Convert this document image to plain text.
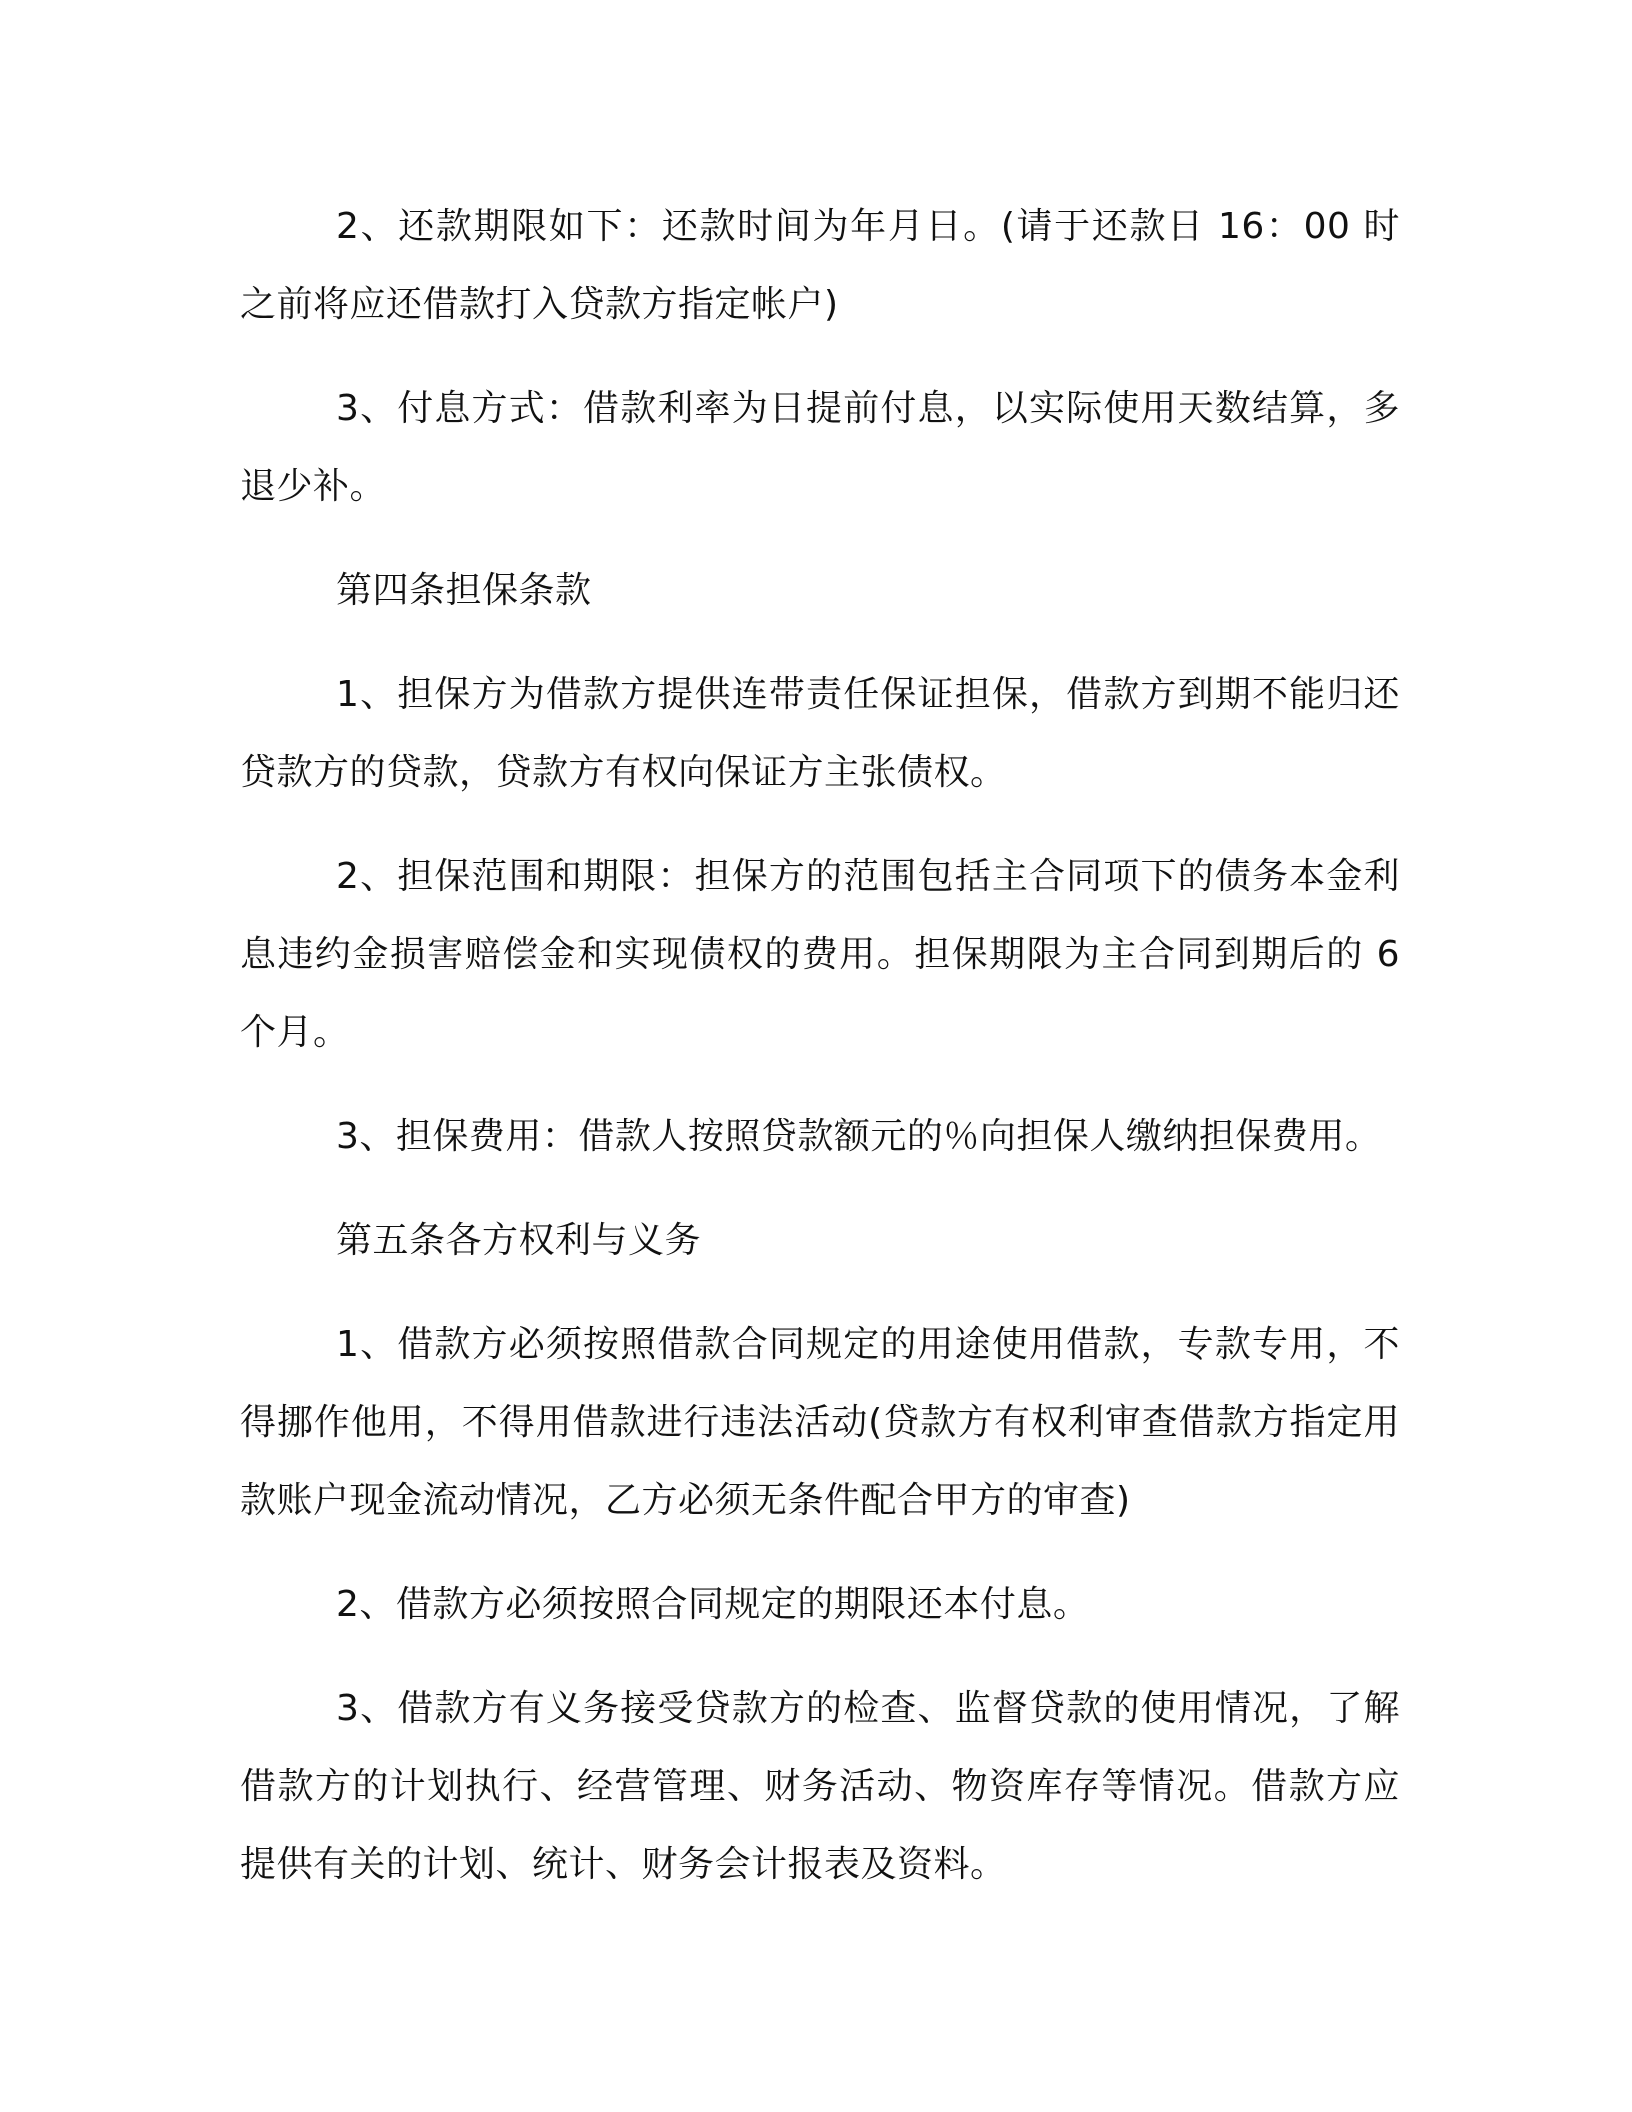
2、还款期限如下：还款时间为年月日。(请于还款日 16：00 时之前将应还借款打入贷款方指定帐户)

3、付息方式：借款利率为日提前付息，以实际使用天数结算，多退少补。

第四条担保条款

1、担保方为借款方提供连带责任保证担保，借款方到期不能归还贷款方的贷款，贷款方有权向保证方主张债权。

2、担保范围和期限：担保方的范围包括主合同项下的债务本金利息违约金损害赔偿金和实现债权的费用。担保期限为主合同到期后的 6 个月。

3、担保费用：借款人按照贷款额元的％向担保人缴纳担保费用。

第五条各方权利与义务

1、借款方必须按照借款合同规定的用途使用借款，专款专用，不得挪作他用，不得用借款进行违法活动(贷款方有权利审查借款方指定用款账户现金流动情况，乙方必须无条件配合甲方的审查)

2、借款方必须按照合同规定的期限还本付息。

3、借款方有义务接受贷款方的检查、监督贷款的使用情况，了解借款方的计划执行、经营管理、财务活动、物资库存等情况。借款方应提供有关的计划、统计、财务会计报表及资料。
